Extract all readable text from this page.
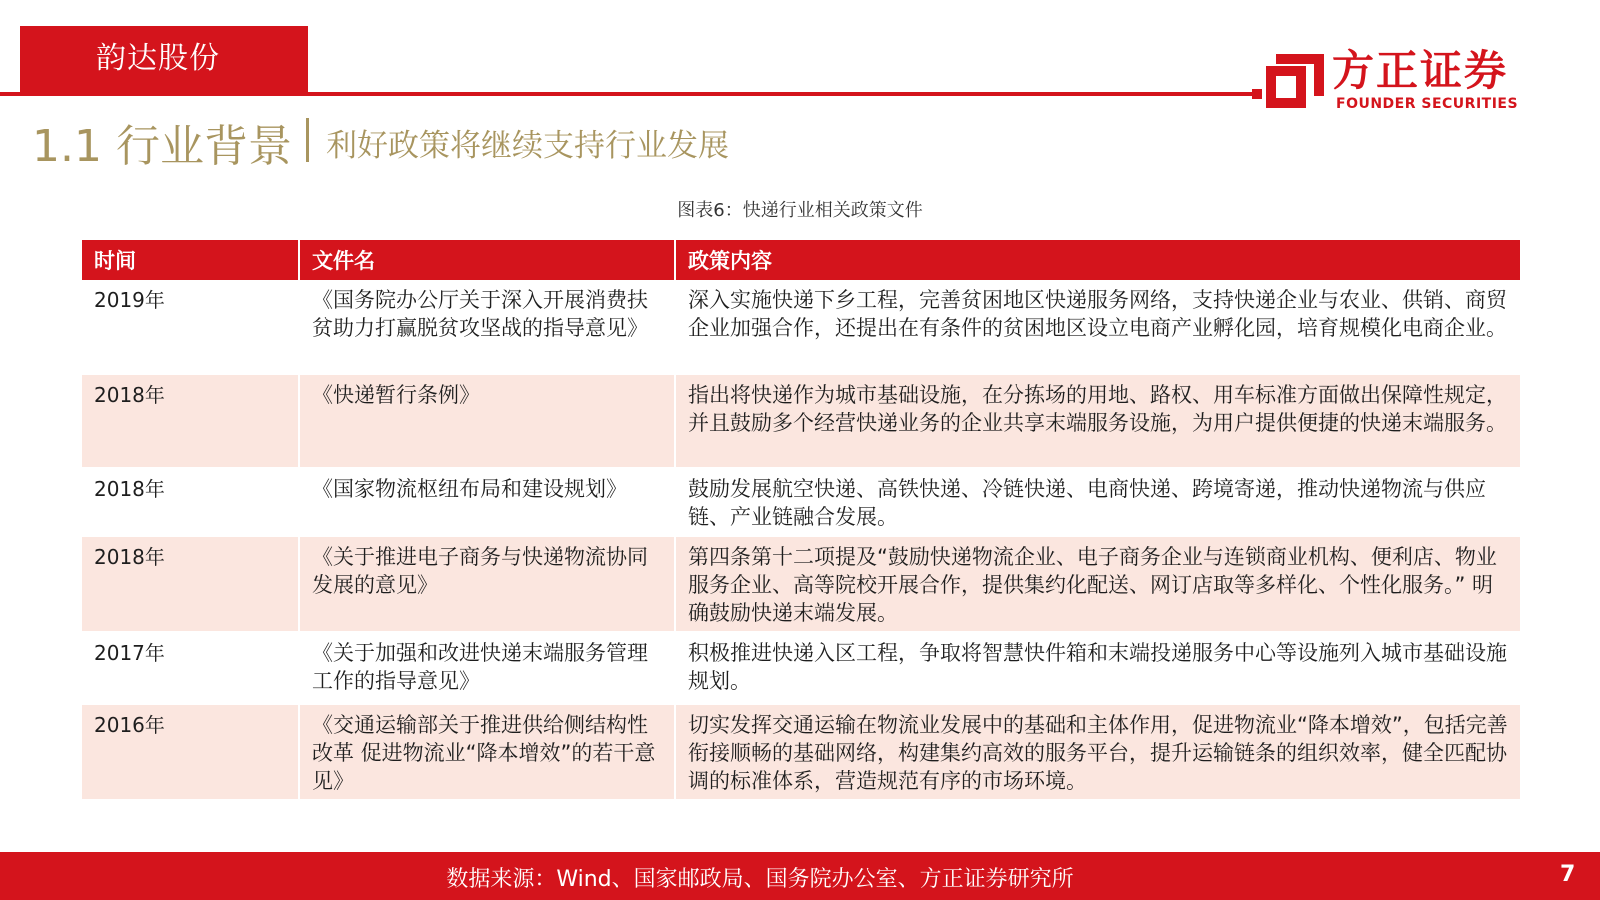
韵达股份	方正证券
FOUNDER SECURITIES
1.1 行业背景 利好政策将继续支持行业发展
图表6：快递行业相关政策文件
时间	文件名	政策内容
2019年	《国务院办公厅关于深入开展消费扶贫助力打赢脱贫攻坚战的指导意见》	深入实施快递下乡工程，完善贫困地区快递服务网络，支持快递企业与农业、供销、商贸企业加强合作，还提出在有条件的贫困地区设立电商产业孵化园，培育规模化电商企业。
2018年	《快递暂行条例》	指出将快递作为城市基础设施，在分拣场的用地、路权、用车标准方面做出保障性规定，并且鼓励多个经营快递业务的企业共享末端服务设施，为用户提供便捷的快递末端服务。
2018年	《国家物流枢纽布局和建设规划》	鼓励发展航空快递、高铁快递、冷链快递、电商快递、跨境寄递，推动快递物流与供应链、产业链融合发展。
2018年	《关于推进电子商务与快递物流协同发展的意见》	第四条第十二项提及“鼓励快递物流企业、电子商务企业与连锁商业机构、便利店、物业服务企业、高等院校开展合作，提供集约化配送、网订店取等多样化、个性化服务。” 明确鼓励快递末端发展。
2017年	《关于加强和改进快递末端服务管理工作的指导意见》	积极推进快递入区工程，争取将智慧快件箱和末端投递服务中心等设施列入城市基础设施规划。
2016年	《交通运输部关于推进供给侧结构性改革 促进物流业“降本增效”的若干意见》	切实发挥交通运输在物流业发展中的基础和主体作用，促进物流业“降本增效”，包括完善衔接顺畅的基础网络，构建集约高效的服务平台，提升运输链条的组织效率，健全匹配协调的标准体系，营造规范有序的市场环境。
数据来源：Wind、国家邮政局、国务院办公室、方正证券研究所	7
